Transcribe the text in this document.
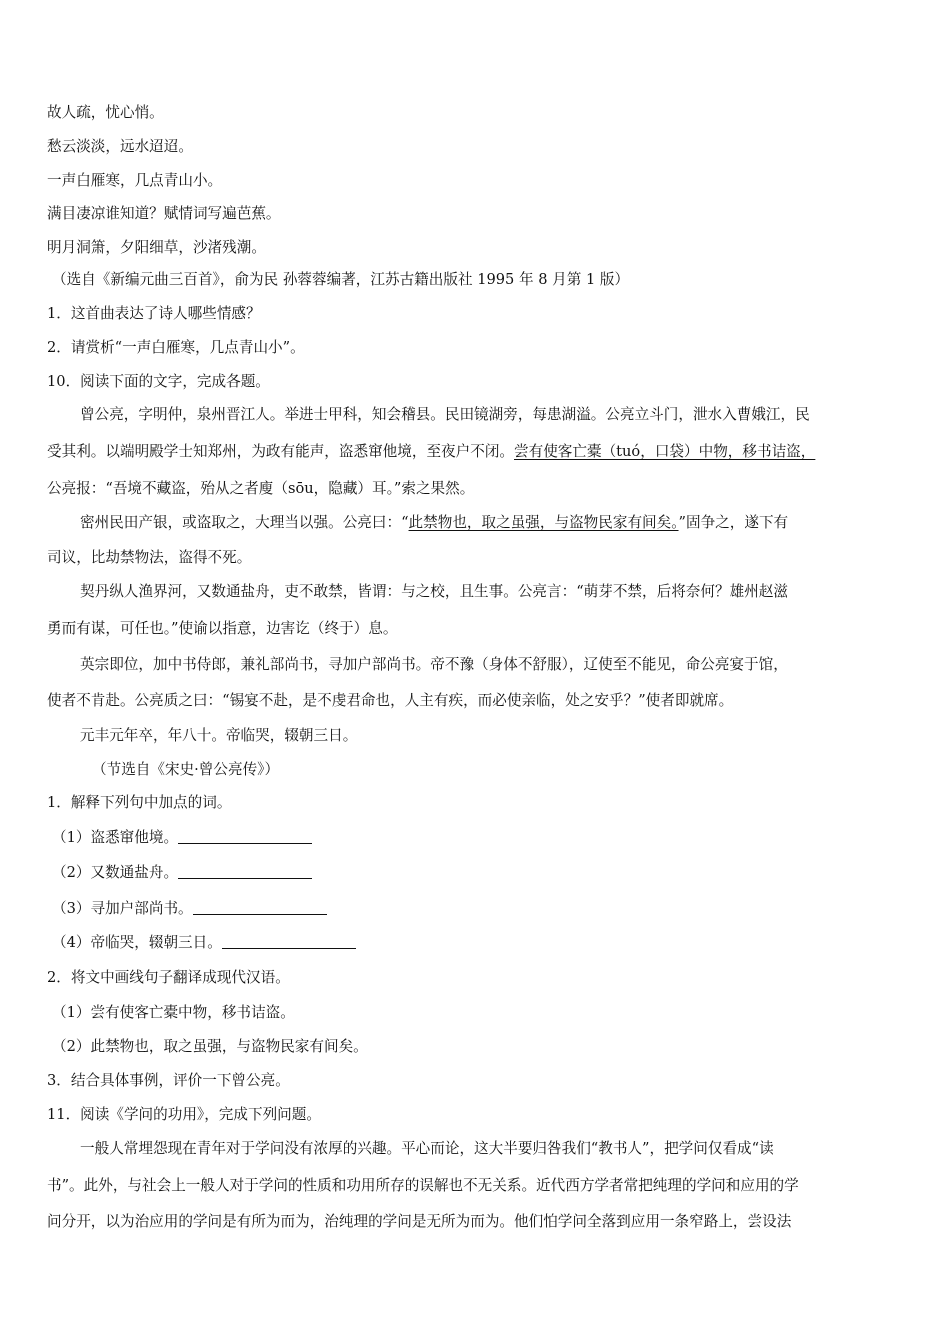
故人疏，忧心悄。
愁云淡淡，远水迢迢。
一声白雁寒，几点青山小。
满目凄凉谁知道？赋情词写遍芭蕉。
明月洞箫，夕阳细草，沙渚残潮。
（选自《新编元曲三百首》，俞为民 孙蓉蓉编著，江苏古籍出版社 1995 年 8 月第 1 版）
1．这首曲表达了诗人哪些情感？
2．请赏析“一声白雁寒，几点青山小”。
10．阅读下面的文字，完成各题。
曾公亮，字明仲，泉州晋江人。举进士甲科，知会稽县。民田镜湖旁，每患湖溢。公亮立斗门，泄水入曹娥江，民
受其利。以端明殿学士知郑州，为政有能声，盗悉窜他境，至夜户不闭。尝有使客亡橐（tuó，口袋）中物，移书诘盗，
公亮报：“吾境不藏盗，殆从之者廋（sōu，隐藏）耳。”索之果然。
密州民田产银，或盗取之，大理当以强。公亮曰：“此禁物也，取之虽强，与盗物民家有间矣。”固争之，遂下有
司议，比劫禁物法，盗得不死。
契丹纵人渔界河，又数通盐舟，吏不敢禁，皆谓：与之校，且生事。公亮言：“萌芽不禁，后将奈何？雄州赵滋
勇而有谋，可任也。”使谕以指意，边害讫（终于）息。
英宗即位，加中书侍郎，兼礼部尚书，寻加户部尚书。帝不豫（身体不舒服），辽使至不能见，命公亮宴于馆，
使者不肯赴。公亮质之曰：“锡宴不赴，是不虔君命也，人主有疾，而必使亲临，处之安乎？”使者即就席。
元丰元年卒，年八十。帝临哭，辍朝三日。
（节选自《宋史·曾公亮传》）
1．解释下列句中加点的词。
（1）盗悉窜他境。
（2）又数通盐舟。
（3）寻加户部尚书。
（4）帝临哭，辍朝三日。
2．将文中画线句子翻译成现代汉语。
（1）尝有使客亡橐中物，移书诘盗。
（2）此禁物也，取之虽强，与盗物民家有间矣。
3．结合具体事例，评价一下曾公亮。
11．阅读《学问的功用》，完成下列问题。
一般人常埋怨现在青年对于学问没有浓厚的兴趣。平心而论，这大半要归咎我们“教书人”，把学问仅看成“读
书”。此外，与社会上一般人对于学问的性质和功用所存的误解也不无关系。近代西方学者常把纯理的学问和应用的学
问分开，以为治应用的学问是有所为而为，治纯理的学问是无所为而为。他们怕学问全落到应用一条窄路上，尝设法
